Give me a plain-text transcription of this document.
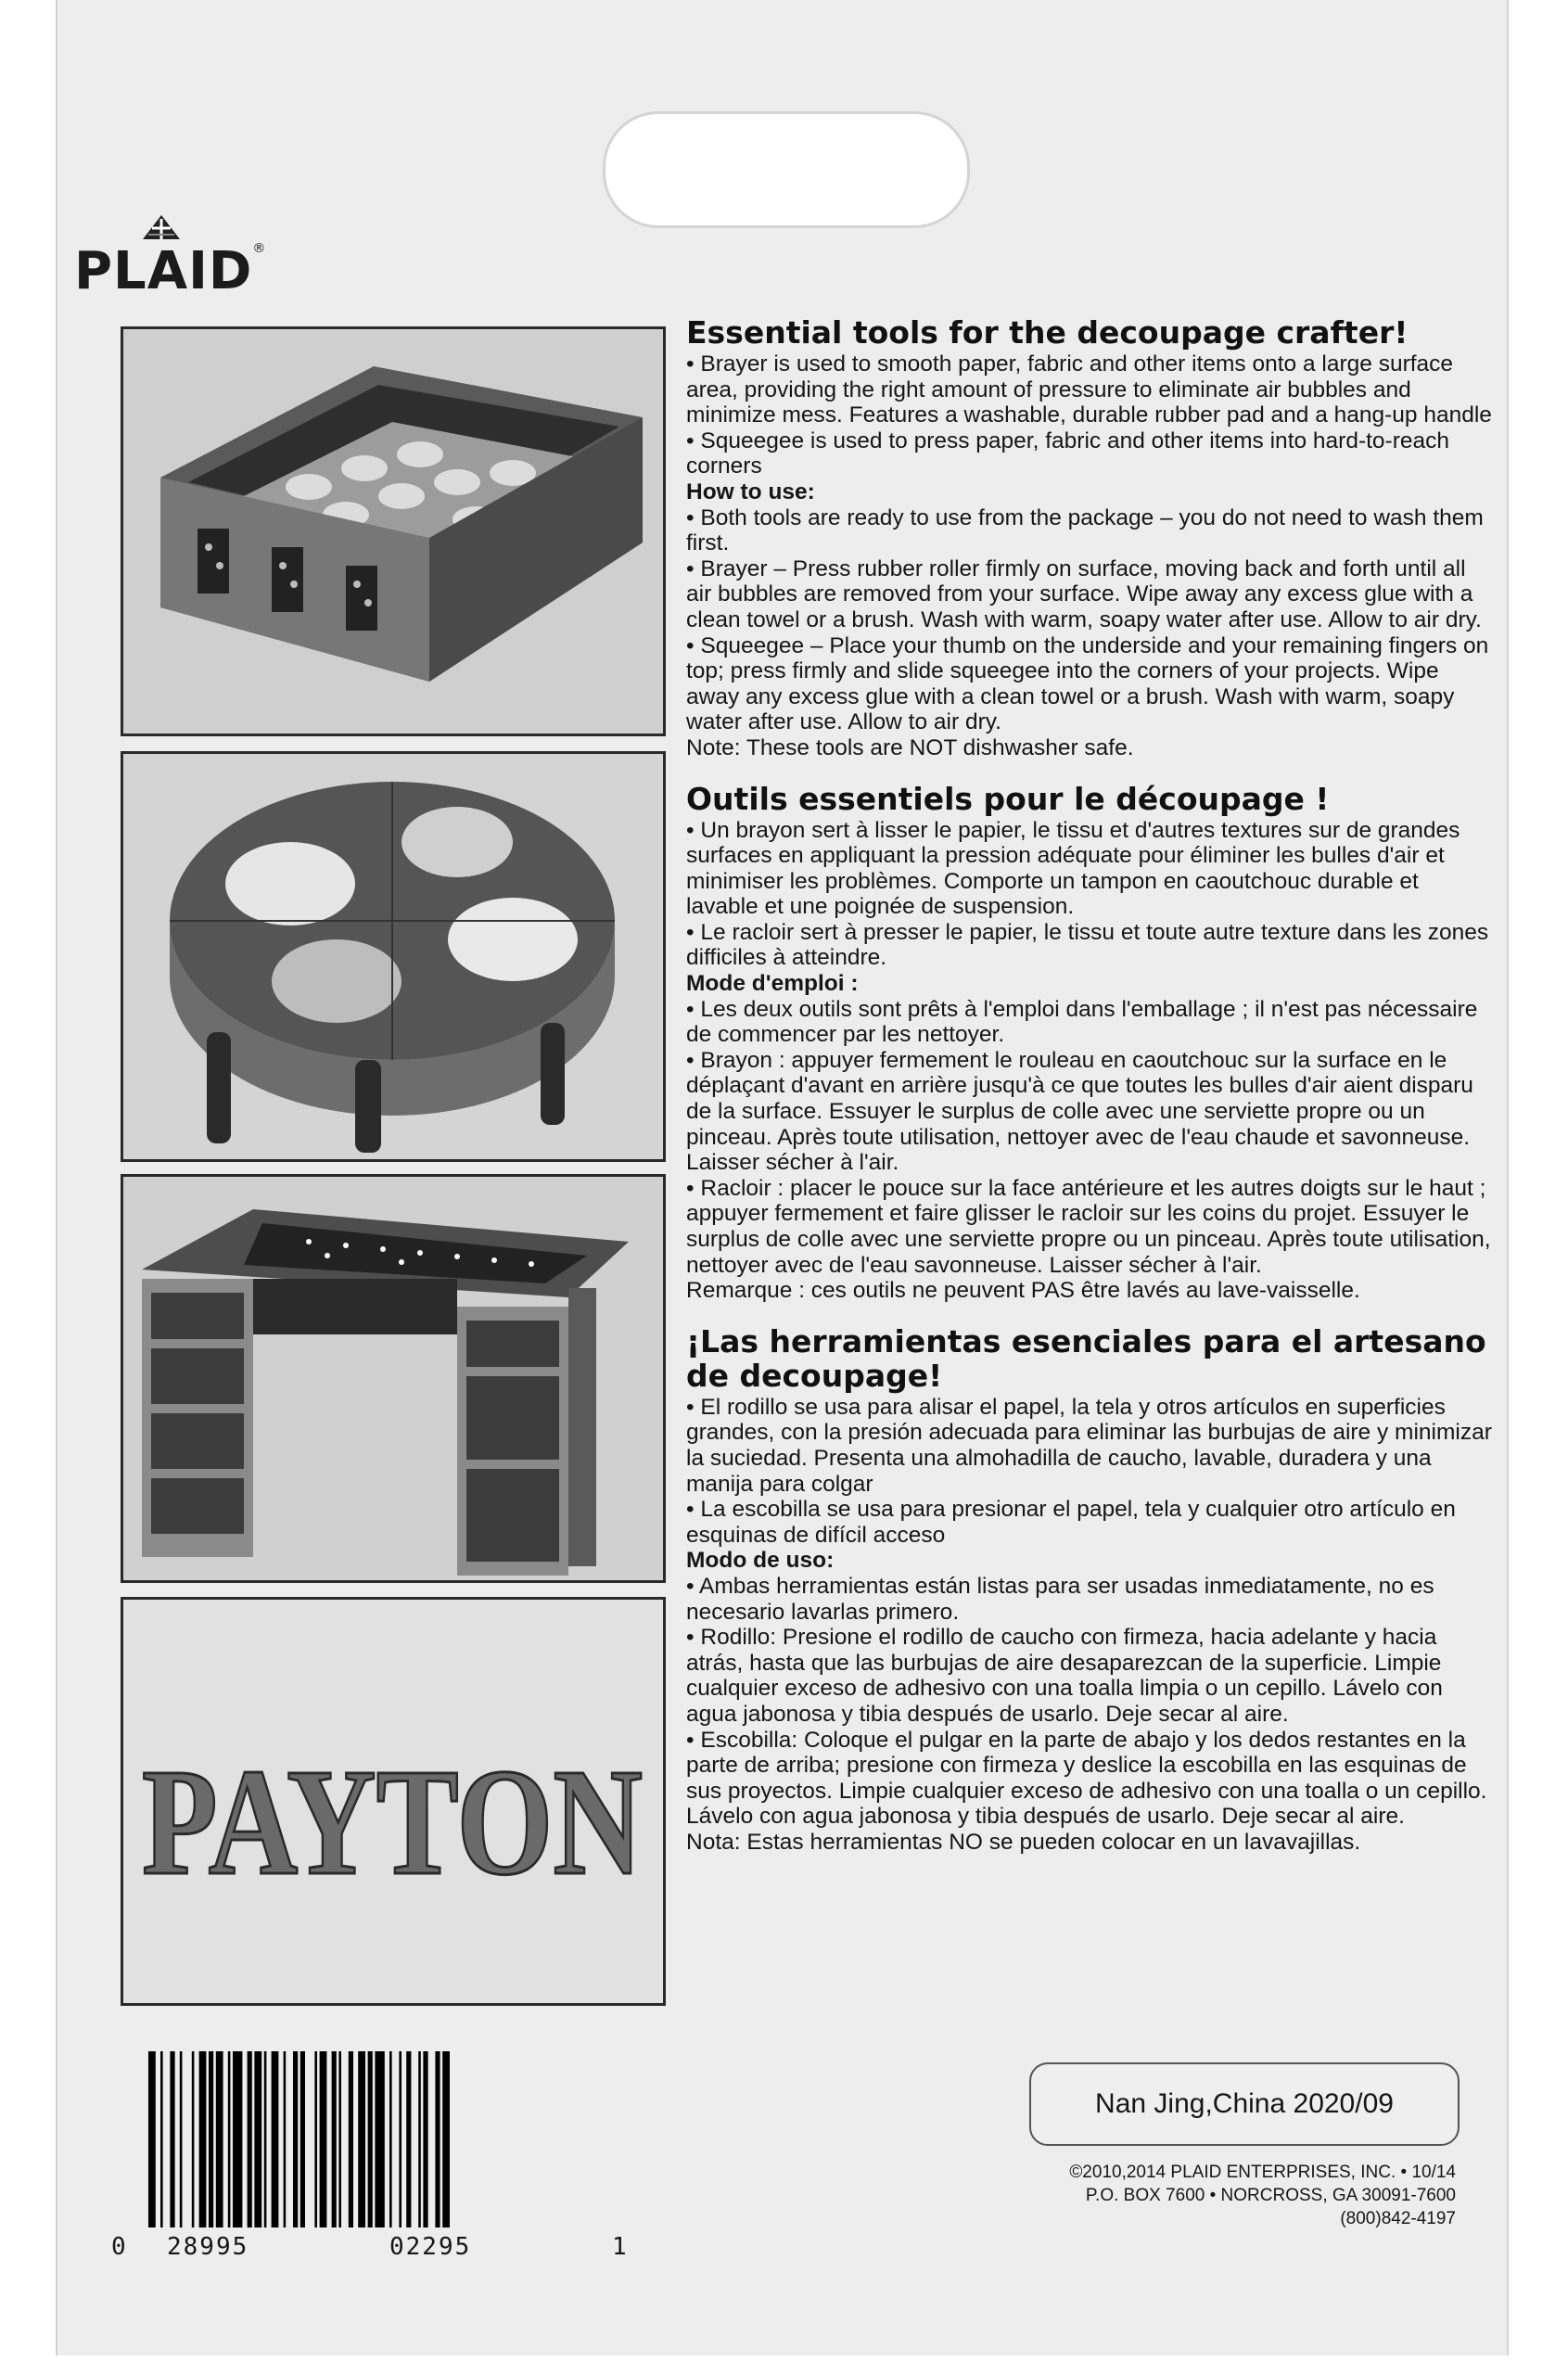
PLAID®
PAYTON
Essential tools for the decoupage crafter!

• Brayer is used to smooth paper, fabric and other items onto a large surface area, providing the right amount of pressure to eliminate air bubbles and minimize mess. Features a washable, durable rubber pad and a hang-up handle

• Squeegee is used to press paper, fabric and other items into hard-to-reach corners

How to use:

• Both tools are ready to use from the package – you do not need to wash them first.

• Brayer – Press rubber roller firmly on surface, moving back and forth until all air bubbles are removed from your surface. Wipe away any excess glue with a clean towel or a brush. Wash with warm, soapy water after use. Allow to air dry.

• Squeegee – Place your thumb on the underside and your remaining fingers on top; press firmly and slide squeegee into the corners of your projects. Wipe away any excess glue with a clean towel or a brush. Wash with warm, soapy water after use. Allow to air dry.

Note: These tools are NOT dishwasher safe.

Outils essentiels pour le découpage !

• Un brayon sert à lisser le papier, le tissu et d'autres textures sur de grandes surfaces en appliquant la pression adéquate pour éliminer les bulles d'air et minimiser les problèmes. Comporte un tampon en caoutchouc durable et lavable et une poignée de suspension.

• Le racloir sert à presser le papier, le tissu et toute autre texture dans les zones difficiles à atteindre.

Mode d'emploi :

• Les deux outils sont prêts à l'emploi dans l'emballage ; il n'est pas nécessaire de commencer par les nettoyer.

• Brayon : appuyer fermement le rouleau en caoutchouc sur la surface en le déplaçant d'avant en arrière jusqu'à ce que toutes les bulles d'air aient disparu de la surface. Essuyer le surplus de colle avec une serviette propre ou un pinceau. Après toute utilisation, nettoyer avec de l'eau chaude et savonneuse. Laisser sécher à l'air.

• Racloir : placer le pouce sur la face antérieure et les autres doigts sur le haut ; appuyer fermement et faire glisser le racloir sur les coins du projet. Essuyer le surplus de colle avec une serviette propre ou un pinceau. Après toute utilisation, nettoyer avec de l'eau savonneuse. Laisser sécher à l'air.

Remarque : ces outils ne peuvent PAS être lavés au lave-vaisselle.

¡Las herramientas esenciales para el artesano de decoupage!

• El rodillo se usa para alisar el papel, la tela y otros artículos en superficies grandes, con la presión adecuada para eliminar las burbujas de aire y minimizar la suciedad. Presenta una almohadilla de caucho, lavable, duradera y una manija para colgar

• La escobilla se usa para presionar el papel, tela y cualquier otro artículo en esquinas de difícil acceso

Modo de uso:

• Ambas herramientas están listas para ser usadas inmediatamente, no es necesario lavarlas primero.

• Rodillo: Presione el rodillo de caucho con firmeza, hacia adelante y hacia atrás, hasta que las burbujas de aire desaparezcan de la superficie. Limpie cualquier exceso de adhesivo con una toalla limpia o un cepillo. Lávelo con agua jabonosa y tibia después de usarlo. Deje secar al aire.

• Escobilla: Coloque el pulgar en la parte de abajo y los dedos restantes en la parte de arriba; presione con firmeza y deslice la escobilla en las esquinas de sus proyectos. Limpie cualquier exceso de adhesivo con una toalla o un cepillo.

Lávelo con agua jabonosa y tibia después de usarlo. Deje secar al aire.

Nota: Estas herramientas NO se pueden colocar en un lavavajillas.

Nan Jing,China 2020/09
©2010,2014 PLAID ENTERPRISES, INC. • 10/14
P.O. BOX 7600 • NORCROSS, GA 30091-7600
(800)842-4197
0 28995	02295	1
